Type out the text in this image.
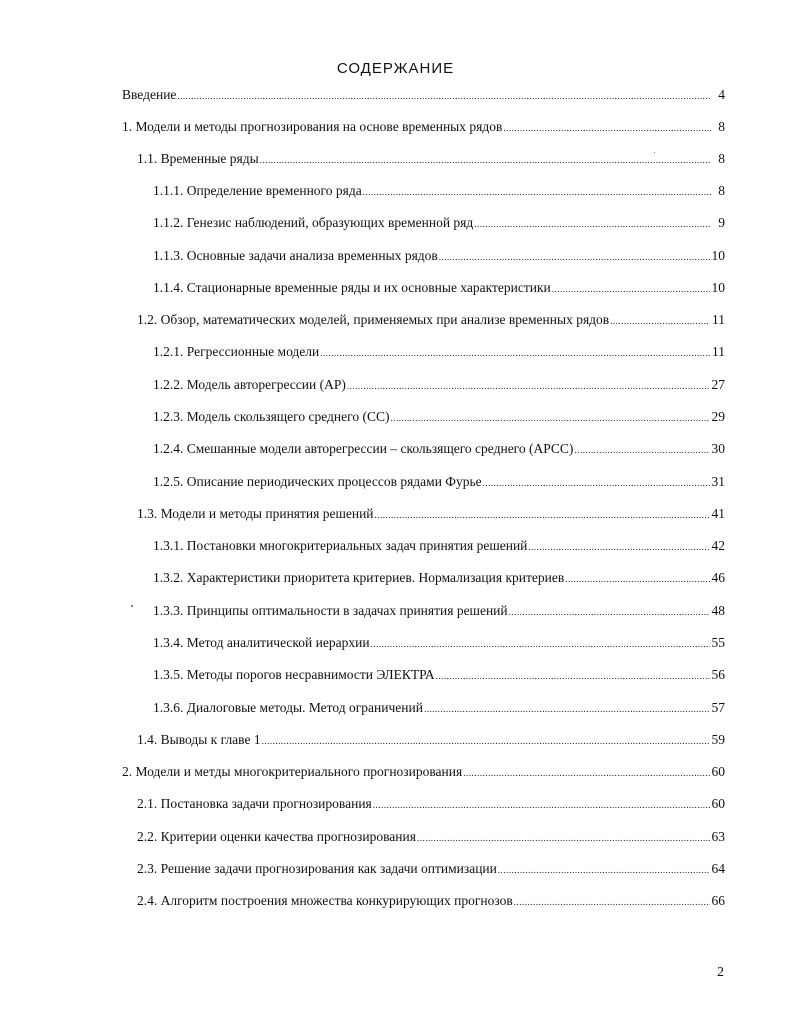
СОДЕРЖАНИЕ
Введение .....	4
1. Модели и методы прогнозирования на основе временных рядов .....	8
1.1. Временные ряды .....	8
1.1.1. Определение временного ряда .....	8
1.1.2. Генезис наблюдений, образующих временной ряд .....	9
1.1.3. Основные задачи анализа временных рядов .....	10
1.1.4. Стационарные временные ряды и их основные характеристики .....	10
1.2. Обзор, математических моделей, применяемых при анализе временных рядов .....	11
1.2.1. Регрессионные модели .....	11
1.2.2. Модель авторегрессии (АР) .....	27
1.2.3. Модель скользящего среднего (СС) .....	29
1.2.4. Смешанные модели авторегрессии – скользящего среднего (АРСС) .....	30
1.2.5. Описание периодических процессов рядами Фурье .....	31
1.3. Модели и методы принятия решений .....	41
1.3.1. Постановки многокритериальных задач принятия решений .....	42
1.3.2. Характеристики приоритета критериев. Нормализация критериев .....	46
1.3.3. Принципы оптимальности в задачах принятия решений .....	48
1.3.4. Метод аналитической иерархии .....	55
1.3.5. Методы порогов несравнимости ЭЛЕКТРА .....	56
1.3.6. Диалоговые методы. Метод ограничений .....	57
1.4. Выводы к главе 1 .....	59
2. Модели и метды многокритериального прогнозирования .....	60
2.1. Постановка задачи прогнозирования .....	60
2.2. Критерии оценки качества прогнозирования .....	63
2.3. Решение задачи прогнозирования как задачи оптимизации .....	64
2.4. Алгоритм построения множества конкурирующих прогнозов .....	66
2
